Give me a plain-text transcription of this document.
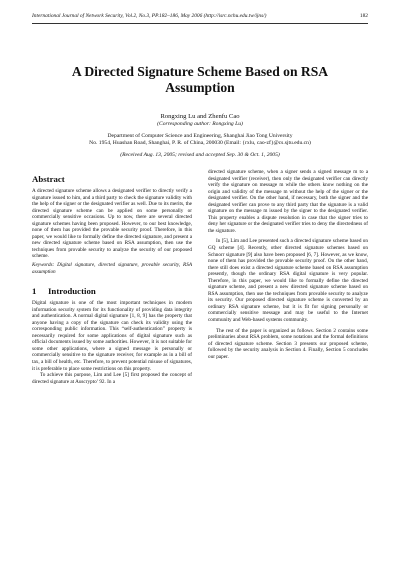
International Journal of Network Security, Vol.2, No.3, PP.182–186, May 2006 (http://isrc.nchu.edu.tw/ijns/)	182
A Directed Signature Scheme Based on RSA Assumption
Rongxing Lu and Zhenfu Cao
(Corresponding author: Rongxing Lu)
Department of Computer Science and Engineering, Shanghai Jiao Tong University
No. 1954, Huashan Road, Shanghai, P. R. of China, 200030 (Email: {rxlu, cao-zf}@cs.sjtu.edu.cn)
(Received Aug. 13, 2005; revised and accepted Sep. 30 & Oct. 1, 2005)
Abstract

A directed signature scheme allows a designated verifier to directly verify a signature issued to him, and a third party to check the signature validity with the help of the signer or the designated verifier as well. Due to its merits, the directed signature scheme can be applied on some personally or commercially sensitive occasions. Up to now, there are several directed signature schemes having been proposed. However, to our best knowledge, none of them has provided the provable security proof. Therefore, in this paper, we would like to formally define the directed signature, and present a new directed signature scheme based on RSA assumption, then use the techniques from provable security to analyze the security of our proposed scheme.

Keywords: Digital signature, directed signature, provable security, RSA assumption
1 Introduction

Digital signature is one of the most important techniques in modern information security system for its functionality of providing data integrity and authentication. A normal digital signature [1, 8, 9] has the property that anyone having a copy of the signature can check its validity using the corresponding public information. This “self-authentication” property is necessarily required for some applications of digital signature such as official documents issued by some authorities. However, it is not suitable for some other applications, where a signed message is personally or commercially sensitive to the signature receiver, for example as in a bill of tax, a bill of health, etc. Therefore, to prevent potential misuse of signatures, it is preferable to place some restrictions on this property.

To achieve this purpose, Lim and Lee [5] first proposed the concept of directed signature at Auscrypto’ 92. In a

directed signature scheme, when a signer sends a signed message m to a designated verifier (receiver), then only the designated verifier can directly verify the signature on message m while the others know nothing on the origin and validity of the message m without the help of the signer or the designated verifier. On the other hand, if necessary, both the signer and the designated verifier can prove to any third party that the signature is a valid signature on the message m issued by the signer to the designated verifier. This property enables a dispute resolution in case that the signer tries to deny her signature or the designated verifier tries to deny the directedness of the signature.

In [5], Lim and Lee presented such a directed signature scheme based on GQ scheme [4]. Recently, other directed signature schemes based on Schnorr signature [9] also have been proposed [6, 7]. However, as we know, none of them has provided the provable security proof. On the other hand, there still does exist a directed signature scheme based on RSA assumption presently, though the ordinary RSA digital signature is very popular. Therefore, in this paper, we would like to formally define the directed signature scheme, and present a new directed signature scheme based on RSA assumption, then use the techniques from provable security to analyze its security. Our proposed directed signature scheme is converted by an ordinary RSA signature scheme, but it is fit for signing personally or commercially sensitive message and may be useful to the Internet community and Web-based systems community.

The rest of the paper is organized as follows. Section 2 contains some preliminaries about RSA problem, some notations and the formal definitions of directed signature scheme. Section 3 presents our proposed scheme, followed by the security analysis in Section 4. Finally, Section 5 concludes our paper.
